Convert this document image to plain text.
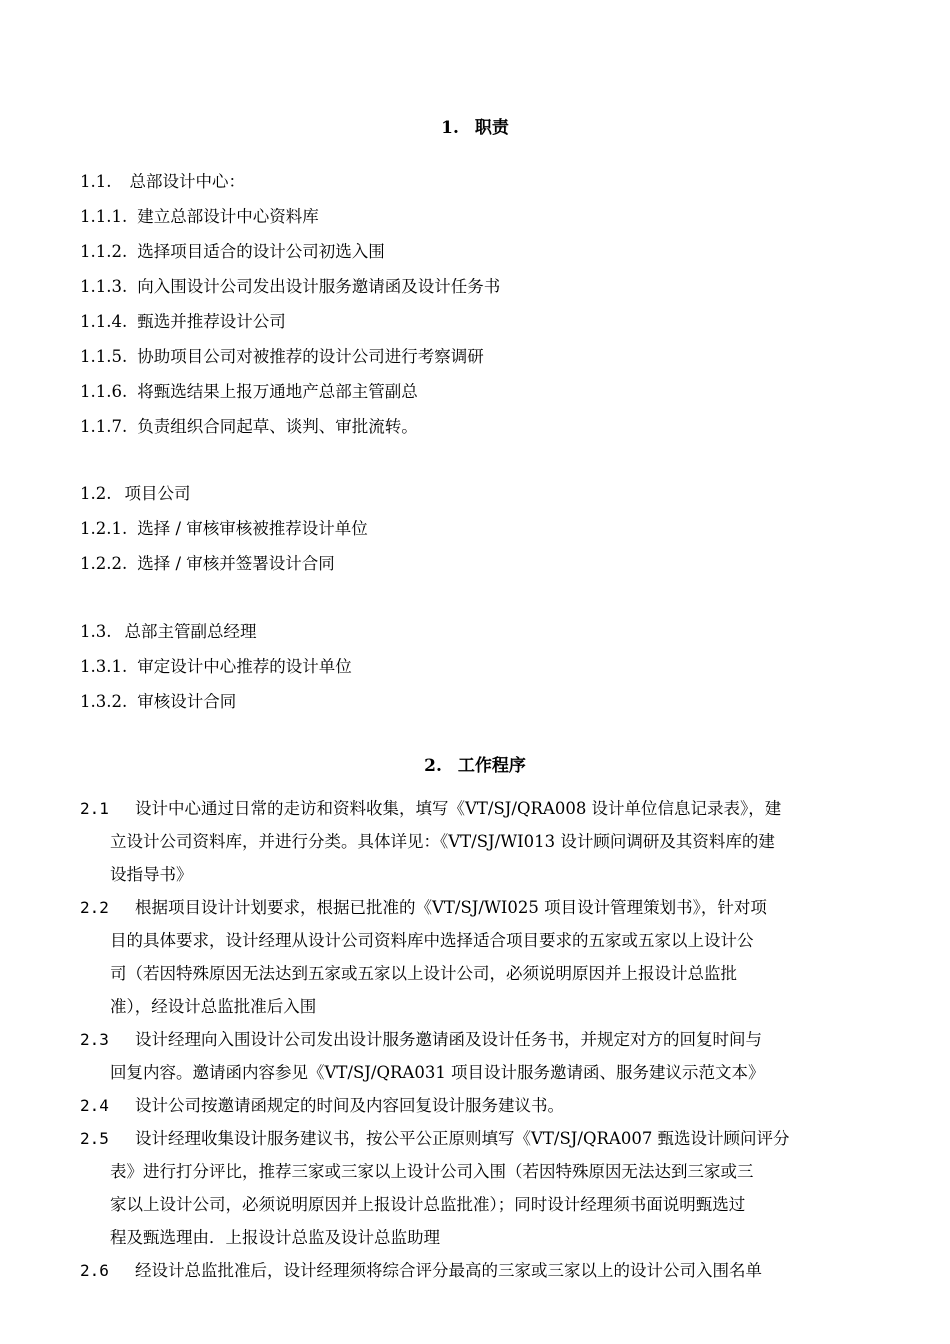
1. 职责
1.1. 总部设计中心：
1.1.1. 建立总部设计中心资料库
1.1.2. 选择项目适合的设计公司初选入围
1.1.3. 向入围设计公司发出设计服务邀请函及设计任务书
1.1.4. 甄选并推荐设计公司
1.1.5. 协助项目公司对被推荐的设计公司进行考察调研
1.1.6. 将甄选结果上报万通地产总部主管副总
1.1.7. 负责组织合同起草、谈判、审批流转。
1.2. 项目公司
1.2.1. 选择 / 审核审核被推荐设计单位
1.2.2. 选择 / 审核并签署设计合同
1.3. 总部主管副总经理
1.3.1. 审定设计中心推荐的设计单位
1.3.2. 审核设计合同
2. 工作程序
2.1	设计中心通过日常的走访和资料收集，填写《VT/SJ/QRA008 设计单位信息记录表》，建
立设计公司资料库，并进行分类。具体详见：《VT/SJ/WI013 设计顾问调研及其资料库的建
设指导书》
2.2	根据项目设计计划要求，根据已批准的《VT/SJ/WI025 项目设计管理策划书》，针对项
目的具体要求，设计经理从设计公司资料库中选择适合项目要求的五家或五家以上设计公
司（若因特殊原因无法达到五家或五家以上设计公司，必须说明原因并上报设计总监批
准），经设计总监批准后入围
2.3	设计经理向入围设计公司发出设计服务邀请函及设计任务书，并规定对方的回复时间与
回复内容。邀请函内容参见《VT/SJ/QRA031 项目设计服务邀请函、服务建议示范文本》
2.4	设计公司按邀请函规定的时间及内容回复设计服务建议书。
2.5	设计经理收集设计服务建议书，按公平公正原则填写《VT/SJ/QRA007 甄选设计顾问评分
表》进行打分评比，推荐三家或三家以上设计公司入围（若因特殊原因无法达到三家或三
家以上设计公司，必须说明原因并上报设计总监批准）；同时设计经理须书面说明甄选过
程及甄选理由．上报设计总监及设计总监助理
2.6	经设计总监批准后，设计经理须将综合评分最高的三家或三家以上的设计公司入围名单
